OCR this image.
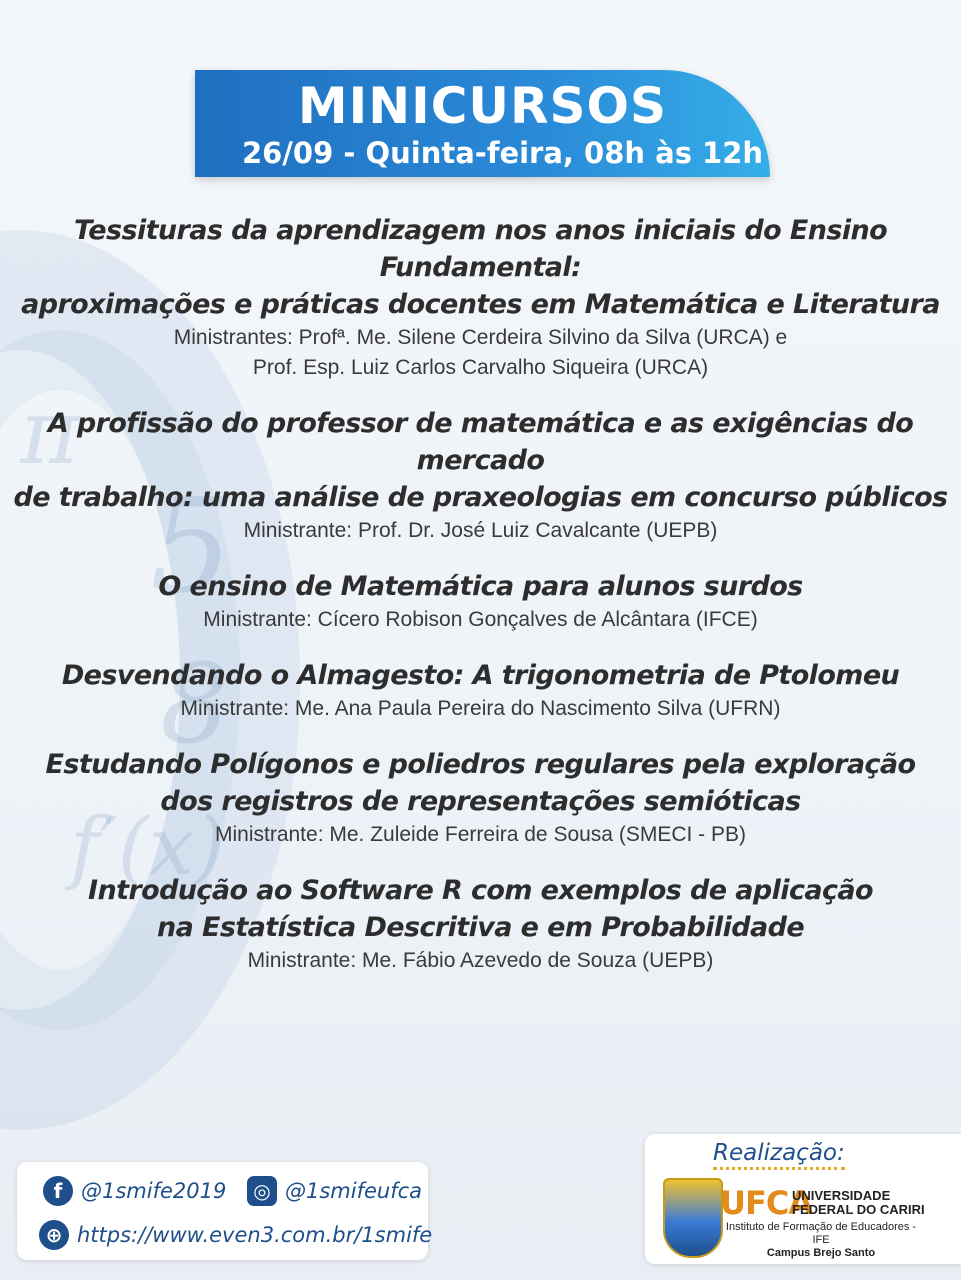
π
5
8
f′(x)
MINICURSOS
26/09 - Quinta-feira, 08h às 12h
Tessituras da aprendizagem nos anos iniciais do Ensino Fundamental:
aproximações e práticas docentes em Matemática e Literatura

Ministrantes: Profª. Me. Silene Cerdeira Silvino da Silva (URCA) e

Prof. Esp. Luiz Carlos Carvalho Siqueira (URCA)

A profissão do professor de matemática e as exigências do mercado
de trabalho: uma análise de praxeologias em concurso públicos

Ministrante: Prof. Dr. José Luiz Cavalcante (UEPB)

O ensino de Matemática para alunos surdos

Ministrante: Cícero Robison Gonçalves de Alcântara (IFCE)

Desvendando o Almagesto: A trigonometria de Ptolomeu

Ministrante: Me. Ana Paula Pereira do Nascimento Silva (UFRN)

Estudando Polígonos e poliedros regulares pela exploração
dos registros de representações semióticas

Ministrante: Me. Zuleide Ferreira de Sousa (SMECI - PB)

Introdução ao Software R com exemplos de aplicação
na Estatística Descritiva e em Probabilidade

Ministrante: Me. Fábio Azevedo de Souza (UEPB)

f @1smife2019	◎ @1smifeufca
⊕ https://www.even3.com.br/1smife
Realização:
UFCA
UNIVERSIDADE
FEDERAL DO CARIRI
Instituto de Formação de Educadores - IFE
Campus Brejo Santo
